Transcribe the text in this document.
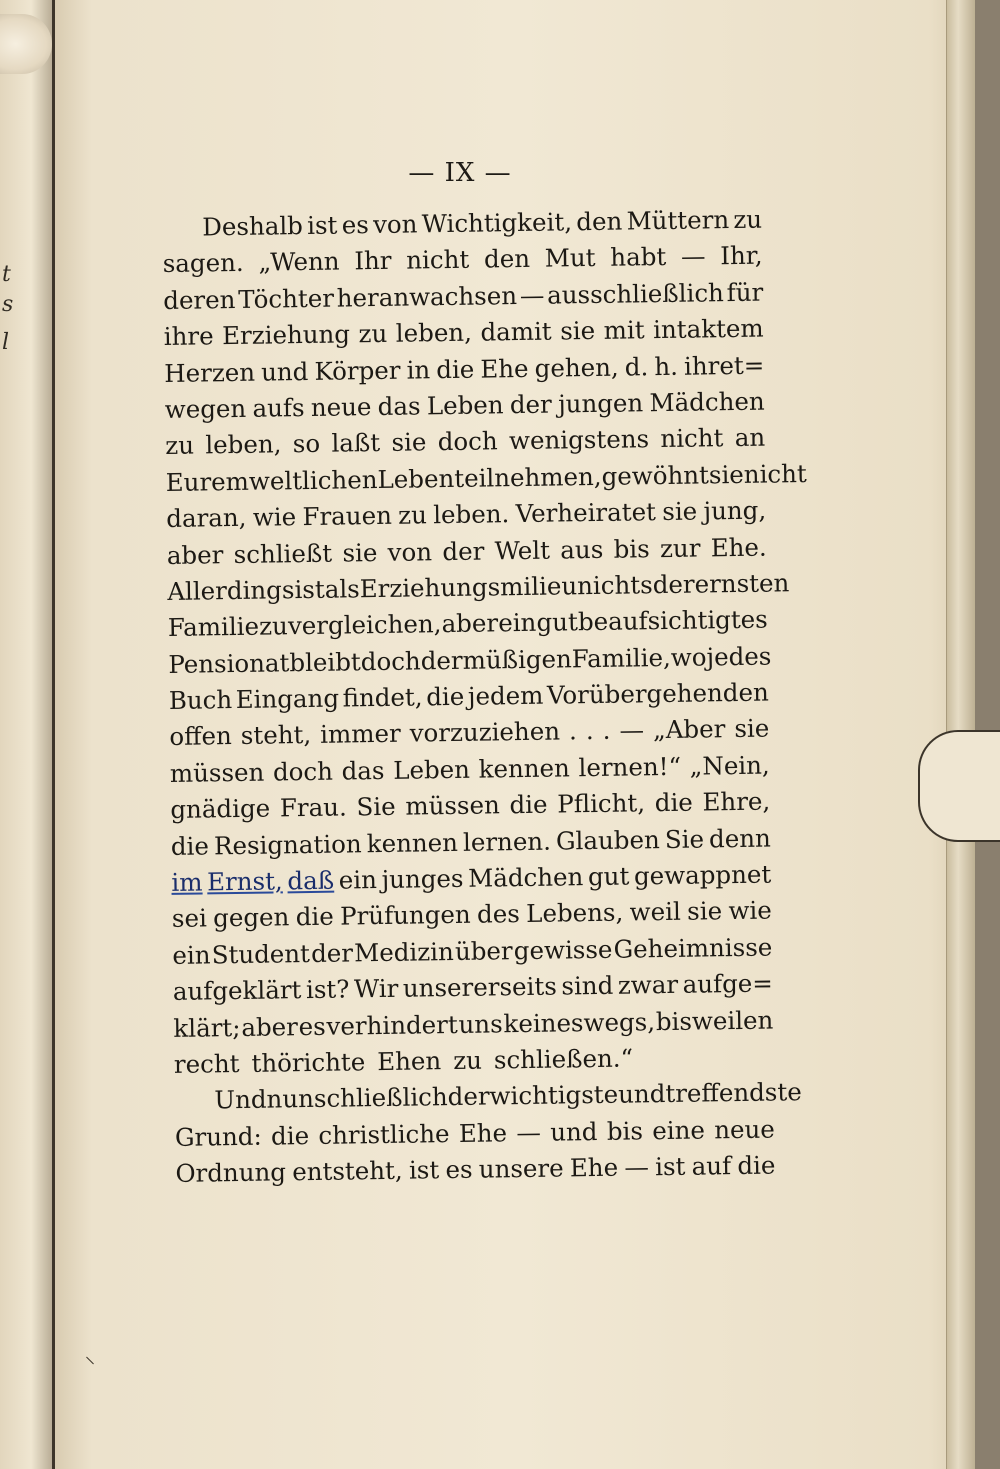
t
s
l
— IX —
Deshalb ist es von Wichtigkeit, den Müttern zu
sagen. „Wenn Ihr nicht den Mut habt — Ihr,
deren Töchter heranwachsen — ausschließlich für
ihre Erziehung zu leben, damit sie mit intaktem
Herzen und Körper in die Ehe gehen, d. h. ihret=
wegen aufs neue das Leben der jungen Mädchen
zu leben, so laßt sie doch wenigstens nicht an
Eurem weltlichen Leben teilnehmen, gewöhnt sie nicht
daran, wie Frauen zu leben. Verheiratet sie jung,
aber schließt sie von der Welt aus bis zur Ehe.
Allerdings ist als Erziehungsmilieu nichts der ernsten
Familie zu vergleichen, aber ein gut beaufsichtigtes
Pensionat bleibt doch der müßigen Familie, wo jedes
Buch Eingang findet, die jedem Vorübergehenden
offen steht, immer vorzuziehen . . . — „Aber sie
müssen doch das Leben kennen lernen!“ „Nein,
gnädige Frau. Sie müssen die Pflicht, die Ehre,
die Resignation kennen lernen. Glauben Sie denn
im Ernst, daß ein junges Mädchen gut gewappnet
sei gegen die Prüfungen des Lebens, weil sie wie
ein Student der Medizin über gewisse Geheimnisse
aufgeklärt ist? Wir unsererseits sind zwar aufge=
klärt; aber es verhindert uns keineswegs, bisweilen
recht thörichte Ehen zu schließen.“
Und nun schließlich der wichtigste und treffendste
Grund: die christliche Ehe — und bis eine neue
Ordnung entsteht, ist es unsere Ehe — ist auf die
